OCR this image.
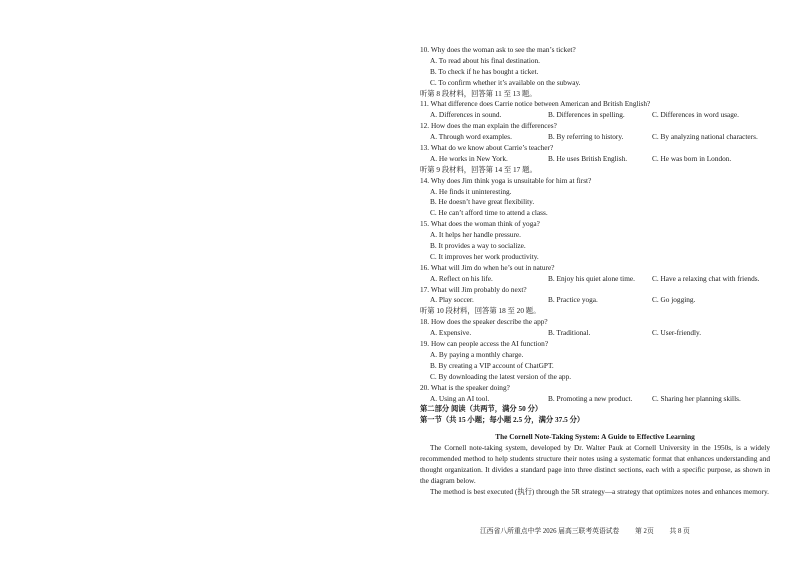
10. Why does the woman ask to see the man’s ticket?
A. To read about his final destination.
B. To check if he has bought a ticket.
C. To confirm whether it’s available on the subway.
听第 8 段材料，回答第 11 至 13 题。
11. What difference does Carrie notice between American and British English?
A. Differences in sound.	B. Differences in spelling.	C. Differences in word usage.
12. How does the man explain the differences?
A. Through word examples.	B. By referring to history.	C. By analyzing national characters.
13. What do we know about Carrie’s teacher?
A. He works in New York.	B. He uses British English.	C. He was born in London.
听第 9 段材料，回答第 14 至 17 题。
14. Why does Jim think yoga is unsuitable for him at first?
A. He finds it uninteresting.
B. He doesn’t have great flexibility.
C. He can’t afford time to attend a class.
15. What does the woman think of yoga?
A. It helps her handle pressure.
B. It provides a way to socialize.
C. It improves her work productivity.
16. What will Jim do when he’s out in nature?
A. Reflect on his life.	B. Enjoy his quiet alone time.	C. Have a relaxing chat with friends.
17. What will Jim probably do next?
A. Play soccer.	B. Practice yoga.	C. Go jogging.
听第 10 段材料，回答第 18 至 20 题。
18. How does the speaker describe the app?
A. Expensive.	B. Traditional.	C. User-friendly.
19. How can people access the AI function?
A. By paying a monthly charge.
B. By creating a VIP account of ChatGPT.
C. By downloading the latest version of the app.
20. What is the speaker doing?
A. Using an AI tool.	B. Promoting a new product.	C. Sharing her planning skills.
第二部分 阅读（共两节，满分 50 分）
第一节（共 15 小题；每小题 2.5 分，满分 37.5 分）
The Cornell Note-Taking System: A Guide to Effective Learning
The Cornell note-taking system, developed by Dr. Walter Pauk at Cornell University in the 1950s, is a widely recommended method to help students structure their notes using a systematic format that enhances understanding and thought organization. It divides a standard page into three distinct sections, each with a specific purpose, as shown in the diagram below.
The method is best executed (执行) through the 5R strategy—a strategy that optimizes notes and enhances memory.
江西省八所重点中学 2026 届高三联考英语试卷 第 2页 共 8 页
